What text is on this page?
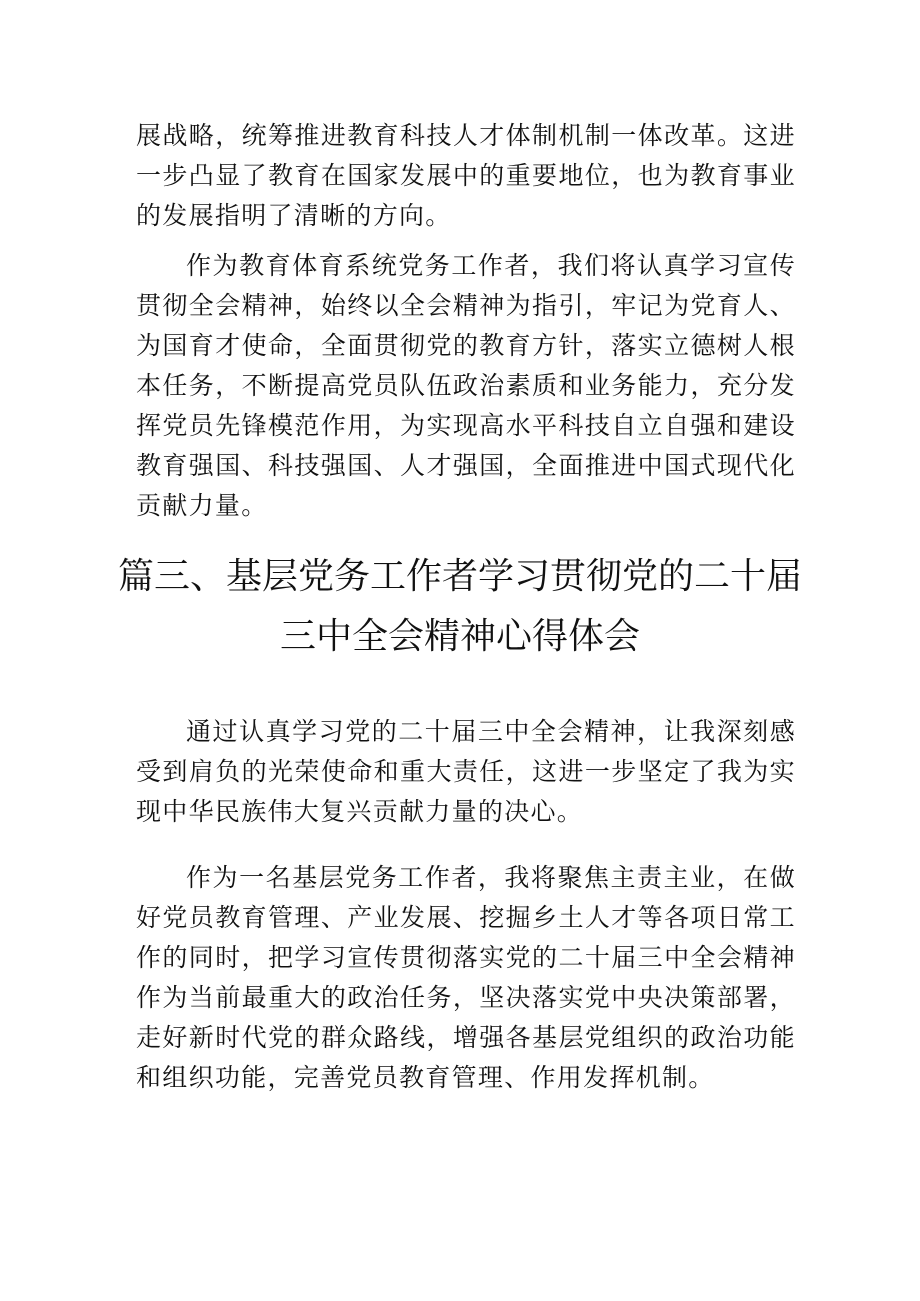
展战略，统筹推进教育科技人才体制机制一体改革。这进一步凸显了教育在国家发展中的重要地位，也为教育事业的发展指明了清晰的方向。

作为教育体育系统党务工作者，我们将认真学习宣传贯彻全会精神，始终以全会精神为指引，牢记为党育人、为国育才使命，全面贯彻党的教育方针，落实立德树人根本任务，不断提高党员队伍政治素质和业务能力，充分发挥党员先锋模范作用，为实现高水平科技自立自强和建设教育强国、科技强国、人才强国，全面推进中国式现代化贡献力量。

篇三、基层党务工作者学习贯彻党的二十届
三中全会精神心得体会

通过认真学习党的二十届三中全会精神，让我深刻感受到肩负的光荣使命和重大责任，这进一步坚定了我为实现中华民族伟大复兴贡献力量的决心。

作为一名基层党务工作者，我将聚焦主责主业，在做好党员教育管理、产业发展、挖掘乡土人才等各项日常工作的同时，把学习宣传贯彻落实党的二十届三中全会精神作为当前最重大的政治任务，坚决落实党中央决策部署，走好新时代党的群众路线，增强各基层党组织的政治功能和组织功能，完善党员教育管理、作用发挥机制。
